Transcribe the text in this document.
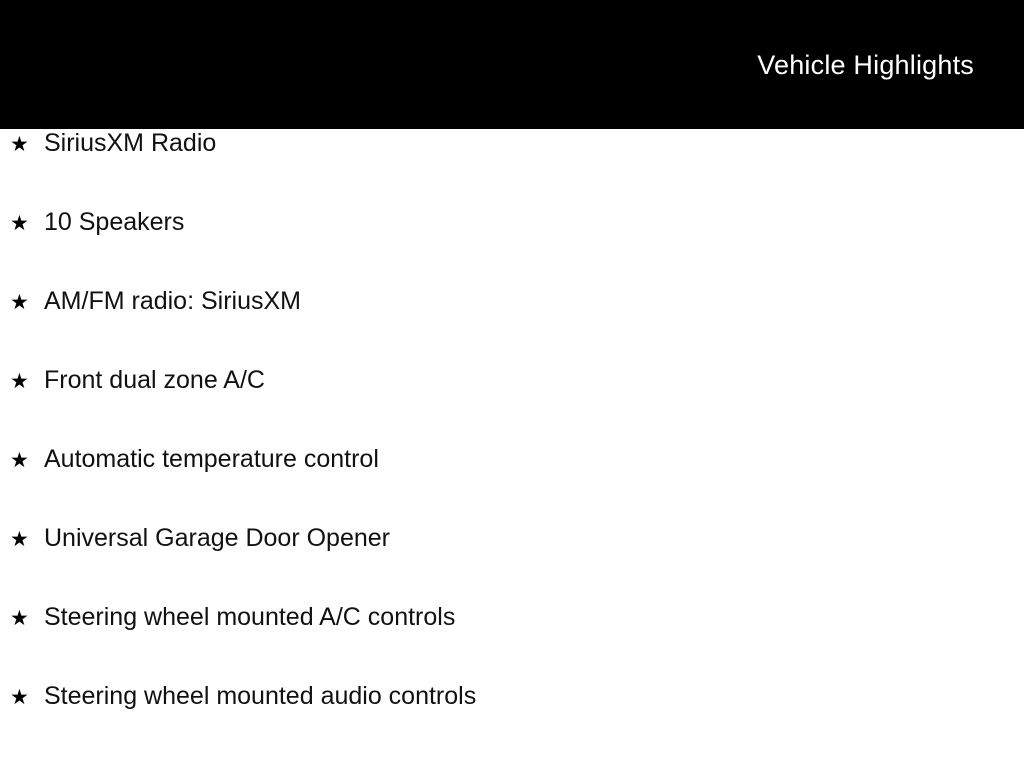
Vehicle Highlights
★ SiriusXM Radio
★ 10 Speakers
★ AM/FM radio: SiriusXM
★ Front dual zone A/C
★ Automatic temperature control
★ Universal Garage Door Opener
★ Steering wheel mounted A/C controls
★ Steering wheel mounted audio controls
